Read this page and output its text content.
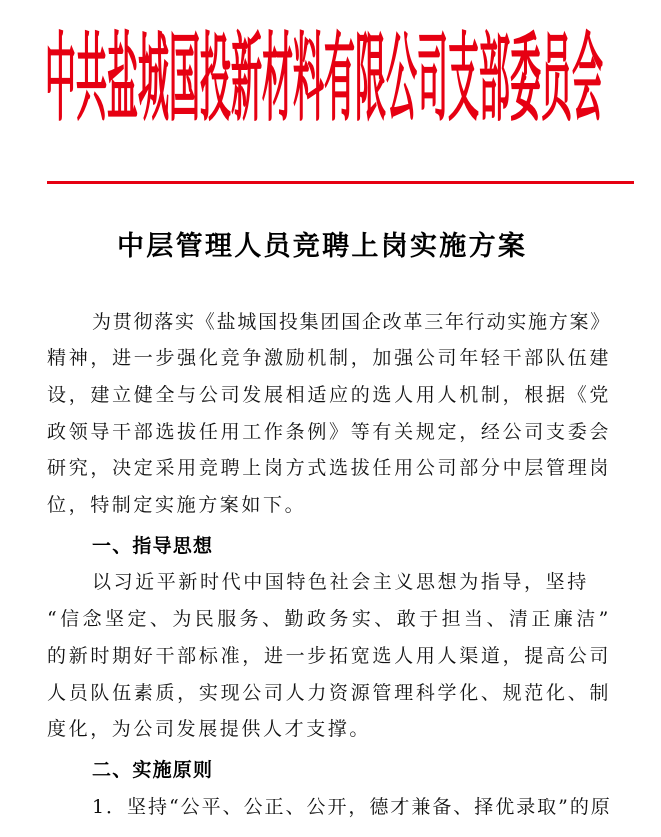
中共盐城国投新材料有限公司支部委员会
中层管理人员竞聘上岗实施方案
为贯彻落实《盐城国投集团国企改革三年行动实施方案》
精神，进一步强化竞争激励机制，加强公司年轻干部队伍建
设，建立健全与公司发展相适应的选人用人机制，根据《党
政领导干部选拔任用工作条例》等有关规定，经公司支委会
研究，决定采用竞聘上岗方式选拔任用公司部分中层管理岗
位，特制定实施方案如下。
一、指导思想
以习近平新时代中国特色社会主义思想为指导，坚持
“信念坚定、为民服务、勤政务实、敢于担当、清正廉洁”
的新时期好干部标准，进一步拓宽选人用人渠道，提高公司
人员队伍素质，实现公司人力资源管理科学化、规范化、制
度化，为公司发展提供人才支撑。
二、实施原则
1．坚持“公平、公正、公开，德才兼备、择优录取”的原
